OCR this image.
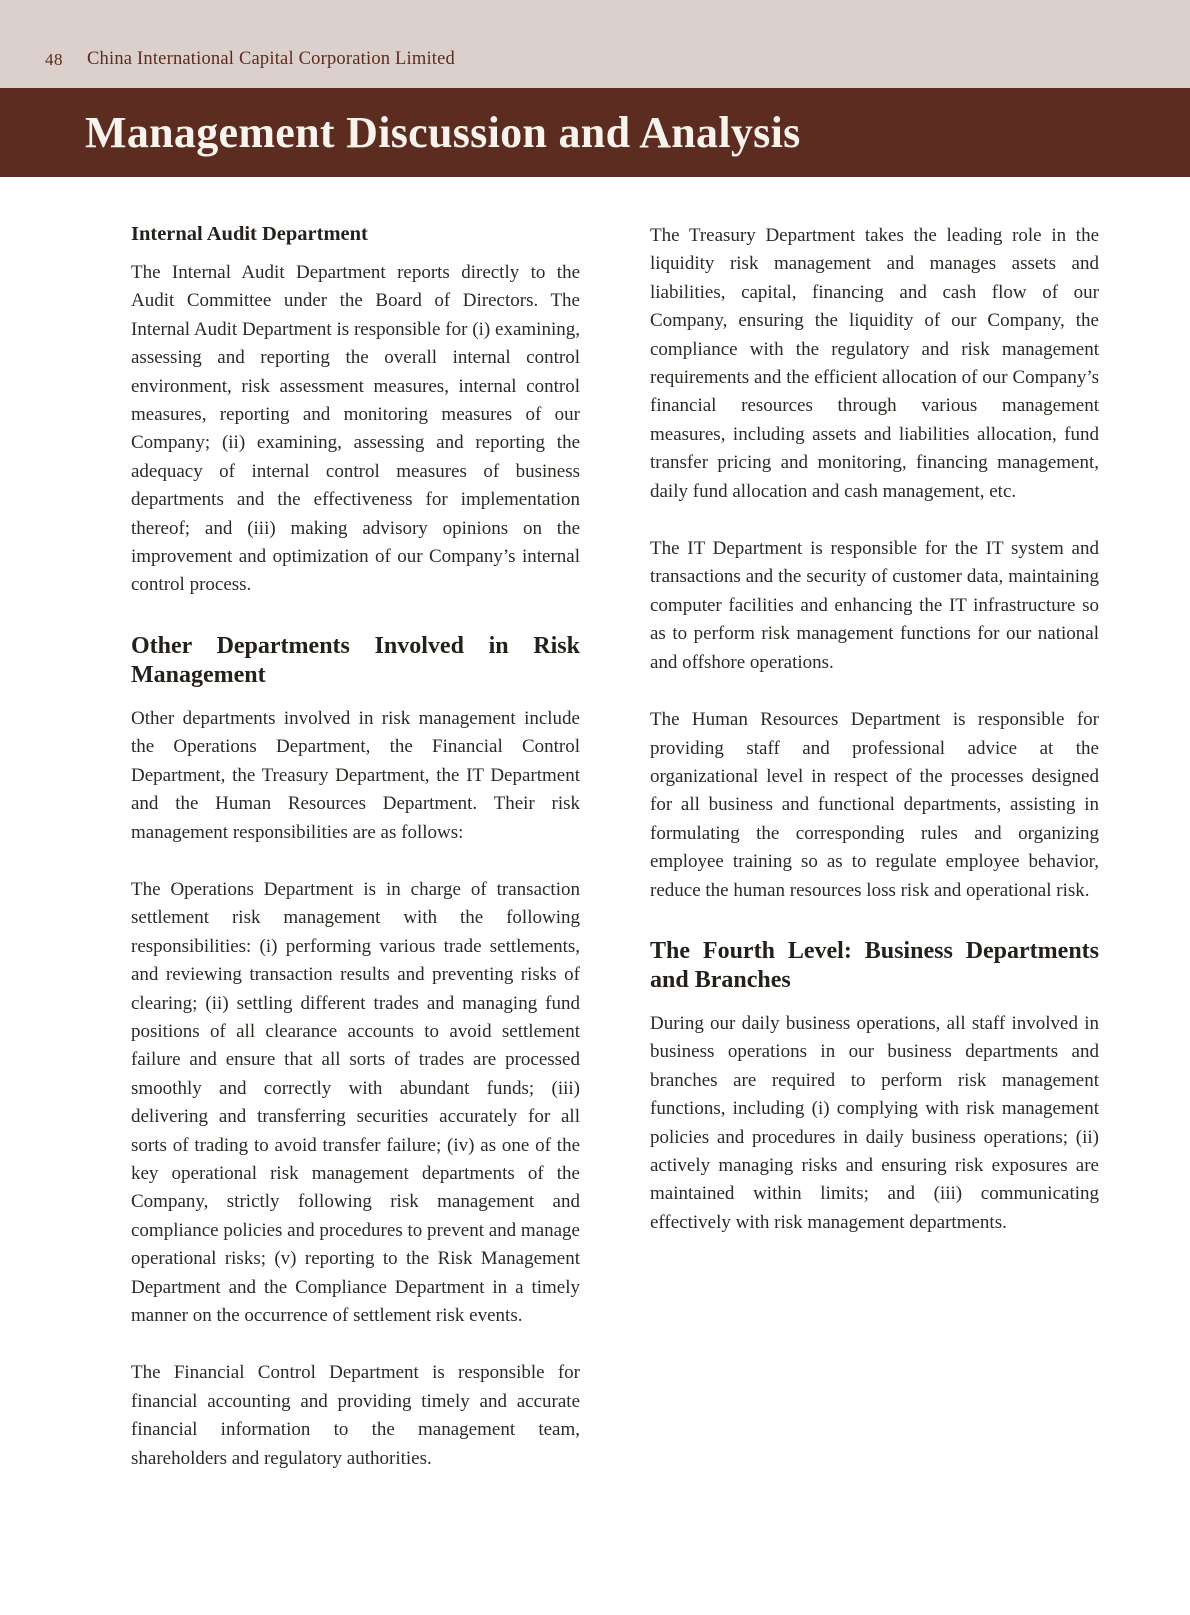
48 China International Capital Corporation Limited
Management Discussion and Analysis
Internal Audit Department

The Internal Audit Department reports directly to the Audit Committee under the Board of Directors. The Internal Audit Department is responsible for (i) examining, assessing and reporting the overall internal control environment, risk assessment measures, internal control measures, reporting and monitoring measures of our Company; (ii) examining, assessing and reporting the adequacy of internal control measures of business departments and the effectiveness for implementation thereof; and (iii) making advisory opinions on the improvement and optimization of our Company’s internal control process.

Other Departments Involved in Risk Management

Other departments involved in risk management include the Operations Department, the Financial Control Department, the Treasury Department, the IT Department and the Human Resources Department. Their risk management responsibilities are as follows:

The Operations Department is in charge of transaction settlement risk management with the following responsibilities: (i) performing various trade settlements, and reviewing transaction results and preventing risks of clearing; (ii) settling different trades and managing fund positions of all clearance accounts to avoid settlement failure and ensure that all sorts of trades are processed smoothly and correctly with abundant funds; (iii) delivering and transferring securities accurately for all sorts of trading to avoid transfer failure; (iv) as one of the key operational risk management departments of the Company, strictly following risk management and compliance policies and procedures to prevent and manage operational risks; (v) reporting to the Risk Management Department and the Compliance Department in a timely manner on the occurrence of settlement risk events.

The Financial Control Department is responsible for financial accounting and providing timely and accurate financial information to the management team, shareholders and regulatory authorities.

The Treasury Department takes the leading role in the liquidity risk management and manages assets and liabilities, capital, financing and cash flow of our Company, ensuring the liquidity of our Company, the compliance with the regulatory and risk management requirements and the efficient allocation of our Company’s financial resources through various management measures, including assets and liabilities allocation, fund transfer pricing and monitoring, financing management, daily fund allocation and cash management, etc.

The IT Department is responsible for the IT system and transactions and the security of customer data, maintaining computer facilities and enhancing the IT infrastructure so as to perform risk management functions for our national and offshore operations.

The Human Resources Department is responsible for providing staff and professional advice at the organizational level in respect of the processes designed for all business and functional departments, assisting in formulating the corresponding rules and organizing employee training so as to regulate employee behavior, reduce the human resources loss risk and operational risk.

The Fourth Level: Business Departments and Branches

During our daily business operations, all staff involved in business operations in our business departments and branches are required to perform risk management functions, including (i) complying with risk management policies and procedures in daily business operations; (ii) actively managing risks and ensuring risk exposures are maintained within limits; and (iii) communicating effectively with risk management departments.
